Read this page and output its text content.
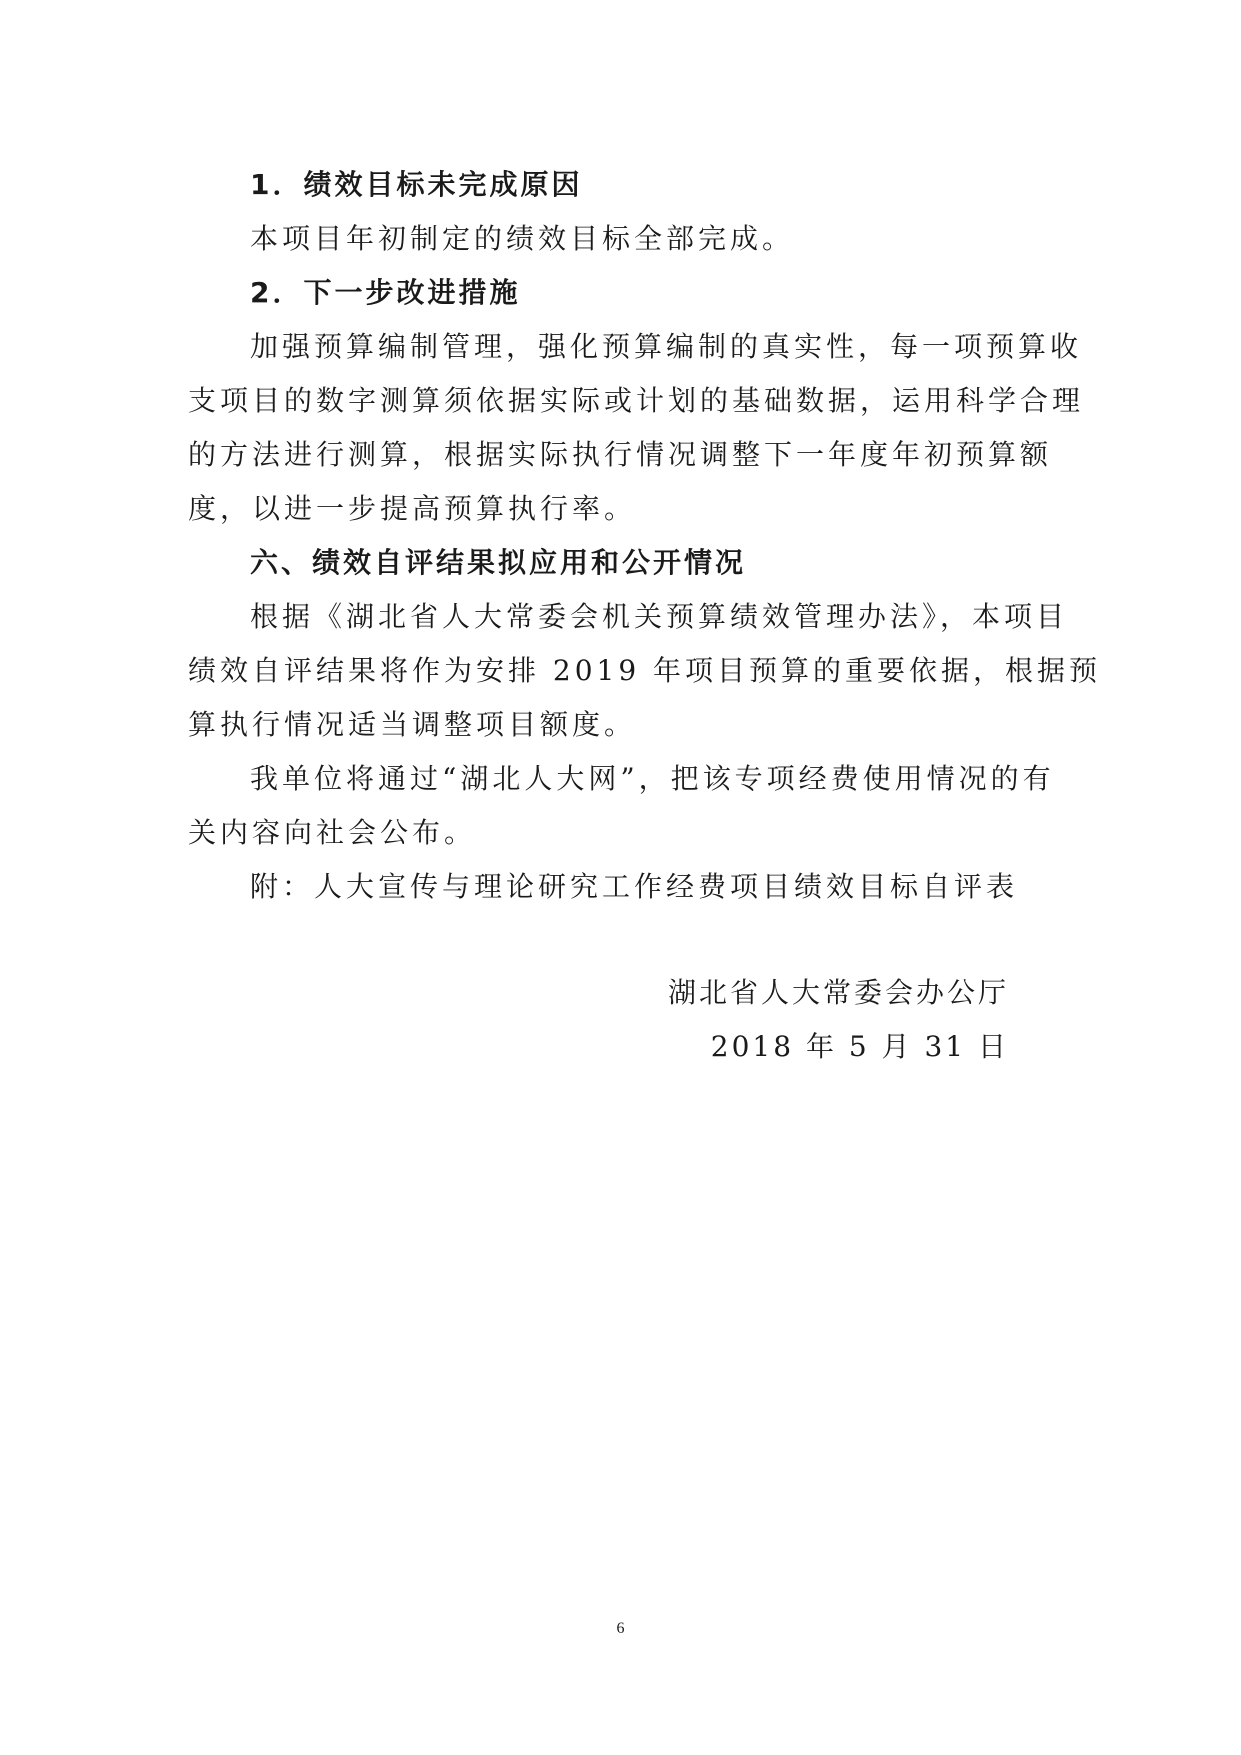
1．绩效目标未完成原因
本项目年初制定的绩效目标全部完成。
2．下一步改进措施
加强预算编制管理，强化预算编制的真实性，每一项预算收
支项目的数字测算须依据实际或计划的基础数据，运用科学合理
的方法进行测算，根据实际执行情况调整下一年度年初预算额
度，以进一步提高预算执行率。
六、绩效自评结果拟应用和公开情况
根据《湖北省人大常委会机关预算绩效管理办法》，本项目
绩效自评结果将作为安排 2019 年项目预算的重要依据，根据预
算执行情况适当调整项目额度。
我单位将通过“湖北人大网”，把该专项经费使用情况的有
关内容向社会公布。
附：人大宣传与理论研究工作经费项目绩效目标自评表
湖北省人大常委会办公厅
2018 年 5 月 31 日
6
